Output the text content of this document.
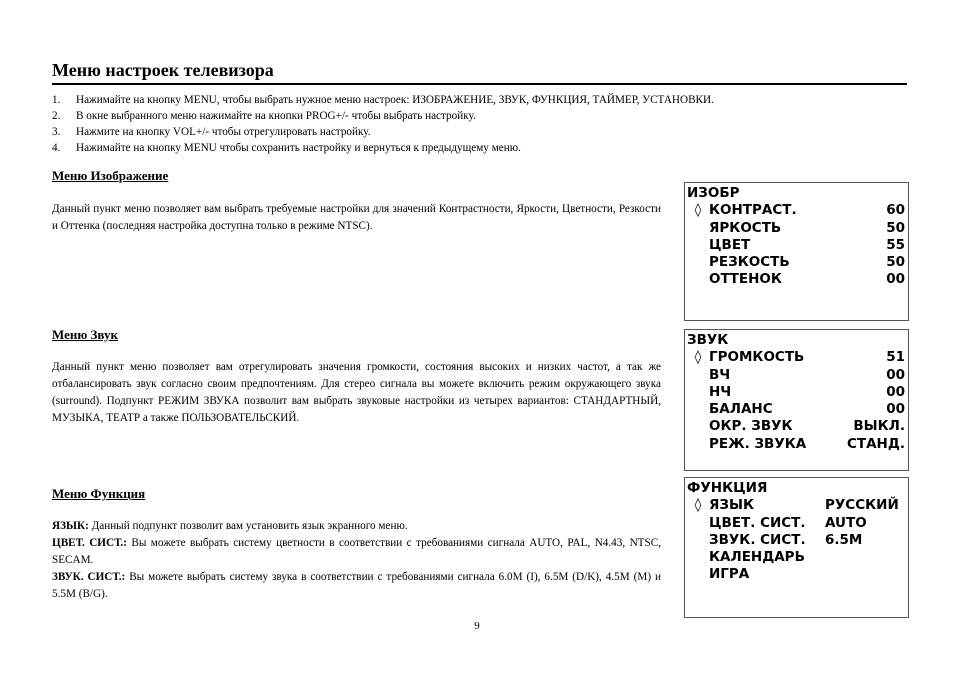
Меню настроек телевизора
1.	Нажимайте на кнопку MENU, чтобы выбрать нужное меню настроек: ИЗОБРАЖЕНИЕ, ЗВУК, ФУНКЦИЯ, ТАЙМЕР, УСТАНОВКИ.
2.	В окне выбранного меню нажимайте на кнопки PROG+/- чтобы выбрать настройку.
3.	Нажмите на кнопку VOL+/- чтобы отрегулировать настройку.
4.	Нажимайте на кнопку MENU чтобы сохранить настройку и вернуться к предыдущему меню.
Меню Изображение

Данный пункт меню позволяет вам выбрать требуемые настройки для значений Контрастности, Яркости, Цветности, Резкости и Оттенка (последняя настройка доступна только в режиме NTSC).

Меню Звук

Данный пункт меню позволяет вам отрегулировать значения громкости, состояния высоких и низких частот, а так же отбалансировать звук согласно своим предпочтениям. Для стерео сигнала вы можете включить режим окружающего звука (surround). Подпункт РЕЖИМ ЗВУКА позволит вам выбрать звуковые настройки из четырех вариантов: СТАНДАРТНЫЙ, МУЗЫКА, ТЕАТР а также ПОЛЬЗОВАТЕЛЬСКИЙ.

Меню Функция

ЯЗЫК: Данный подпункт позволит вам установить язык экранного меню.

ЦВЕТ. СИСТ.: Вы можете выбрать систему цветности в соответствии с требованиями сигнала AUTO, PAL, N4.43, NTSC, SECAM.

ЗВУК. СИСТ.: Вы можете выбрать систему звука в соответствии с требованиями сигнала 6.0M (I), 6.5M (D/K), 4.5M (M) и 5.5M (B/G).

ИЗОБР
◊ КОНТРАСТ.	60
ЯРКОСТЬ	50
ЦВЕТ	55
РЕЗКОСТЬ	50
ОТТЕНОК	00
ЗВУК
◊ ГРОМКОСТЬ	51
ВЧ	00
НЧ	00
БАЛАНС	00
ОКР. ЗВУК	ВЫКЛ.
РЕЖ. ЗВУКА	СТАНД.
ФУНКЦИЯ
◊ ЯЗЫК	РУССКИЙ
ЦВЕТ. СИСТ.	AUTO
ЗВУК. СИСТ.	6.5M
КАЛЕНДАРЬ
ИГРА
9
